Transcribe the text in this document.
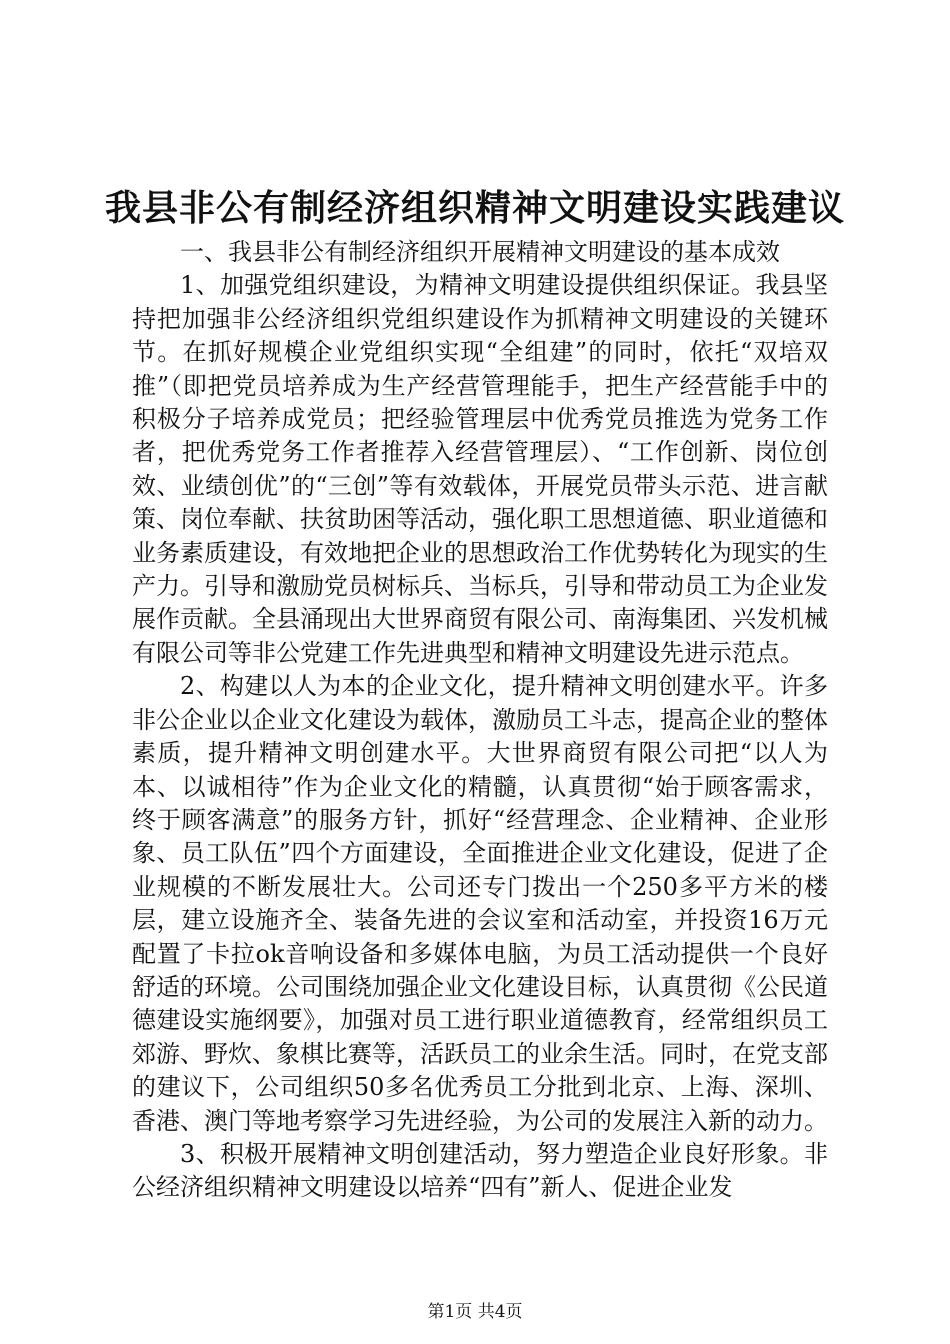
我县非公有制经济组织精神文明建设实践建议

一、我县非公有制经济组织开展精神文明建设的基本成效

1、加强党组织建设，为精神文明建设提供组织保证。我县坚持把加强非公经济组织党组织建设作为抓精神文明建设的关键环节。在抓好规模企业党组织实现“全组建”的同时，依托“双培双推”（即把党员培养成为生产经营管理能手，把生产经营能手中的积极分子培养成党员；把经验管理层中优秀党员推选为党务工作者，把优秀党务工作者推荐入经营管理层）、“工作创新、岗位创效、业绩创优”的“三创”等有效载体，开展党员带头示范、进言献策、岗位奉献、扶贫助困等活动，强化职工思想道德、职业道德和业务素质建设，有效地把企业的思想政治工作优势转化为现实的生产力。引导和激励党员树标兵、当标兵，引导和带动员工为企业发展作贡献。全县涌现出大世界商贸有限公司、南海集团、兴发机械有限公司等非公党建工作先进典型和精神文明建设先进示范点。

2、构建以人为本的企业文化，提升精神文明创建水平。许多非公企业以企业文化建设为载体，激励员工斗志，提高企业的整体素质，提升精神文明创建水平。大世界商贸有限公司把“以人为本、以诚相待”作为企业文化的精髓，认真贯彻“始于顾客需求，终于顾客满意”的服务方针，抓好“经营理念、企业精神、企业形象、员工队伍”四个方面建设，全面推进企业文化建设，促进了企业规模的不断发展壮大。公司还专门拨出一个250多平方米的楼层，建立设施齐全、装备先进的会议室和活动室，并投资16万元配置了卡拉ok音响设备和多媒体电脑，为员工活动提供一个良好舒适的环境。公司围绕加强企业文化建设目标，认真贯彻《公民道德建设实施纲要》，加强对员工进行职业道德教育，经常组织员工郊游、野炊、象棋比赛等，活跃员工的业余生活。同时，在党支部的建议下，公司组织50多名优秀员工分批到北京、上海、深圳、香港、澳门等地考察学习先进经验，为公司的发展注入新的动力。

3、积极开展精神文明创建活动，努力塑造企业良好形象。非公经济组织精神文明建设以培养“四有”新人、促进企业发

第1页 共4页
